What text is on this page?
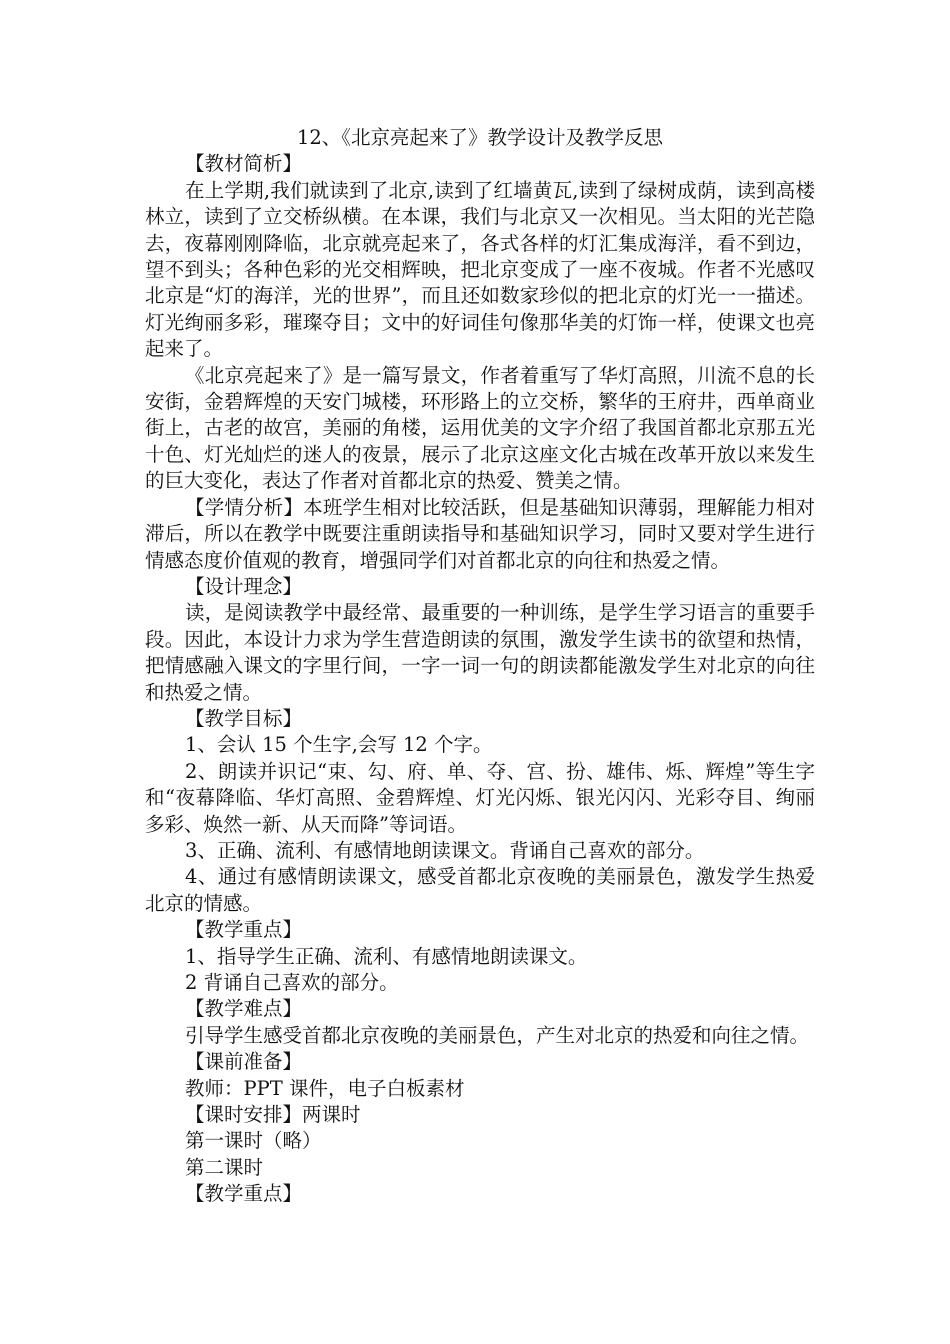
12、《北京亮起来了》教学设计及教学反思

【教材简析】

在上学期,我们就读到了北京,读到了红墙黄瓦,读到了绿树成荫，读到高楼林立，读到了立交桥纵横。在本课，我们与北京又一次相见。当太阳的光芒隐去，夜幕刚刚降临，北京就亮起来了，各式各样的灯汇集成海洋，看不到边，望不到头；各种色彩的光交相辉映，把北京变成了一座不夜城。作者不光感叹北京是“灯的海洋，光的世界”，而且还如数家珍似的把北京的灯光一一描述。灯光绚丽多彩，璀璨夺目；文中的好词佳句像那华美的灯饰一样，使课文也亮起来了。

《北京亮起来了》是一篇写景文，作者着重写了华灯高照，川流不息的长安街，金碧辉煌的天安门城楼，环形路上的立交桥，繁华的王府井，西单商业街上，古老的故宫，美丽的角楼，运用优美的文字介绍了我国首都北京那五光十色、灯光灿烂的迷人的夜景，展示了北京这座文化古城在改革开放以来发生的巨大变化，表达了作者对首都北京的热爱、赞美之情。

【学情分析】本班学生相对比较活跃，但是基础知识薄弱，理解能力相对滞后，所以在教学中既要注重朗读指导和基础知识学习，同时又要对学生进行情感态度价值观的教育，增强同学们对首都北京的向往和热爱之情。

【设计理念】

读，是阅读教学中最经常、最重要的一种训练，是学生学习语言的重要手段。因此，本设计力求为学生营造朗读的氛围，激发学生读书的欲望和热情，把情感融入课文的字里行间，一字一词一句的朗读都能激发学生对北京的向往和热爱之情。

【教学目标】

1、会认 15 个生字,会写 12 个字。

2、朗读并识记“束、勾、府、单、夺、宫、扮、雄伟、烁、辉煌”等生字和“夜幕降临、华灯高照、金碧辉煌、灯光闪烁、银光闪闪、光彩夺目、绚丽多彩、焕然一新、从天而降”等词语。

3、正确、流利、有感情地朗读课文。背诵自己喜欢的部分。

4、通过有感情朗读课文，感受首都北京夜晚的美丽景色，激发学生热爱北京的情感。

【教学重点】

1、指导学生正确、流利、有感情地朗读课文。

2 背诵自己喜欢的部分。

【教学难点】

引导学生感受首都北京夜晚的美丽景色，产生对北京的热爱和向往之情。

【课前准备】

教师：PPT 课件，电子白板素材

【课时安排】两课时

第一课时（略）

第二课时

【教学重点】
